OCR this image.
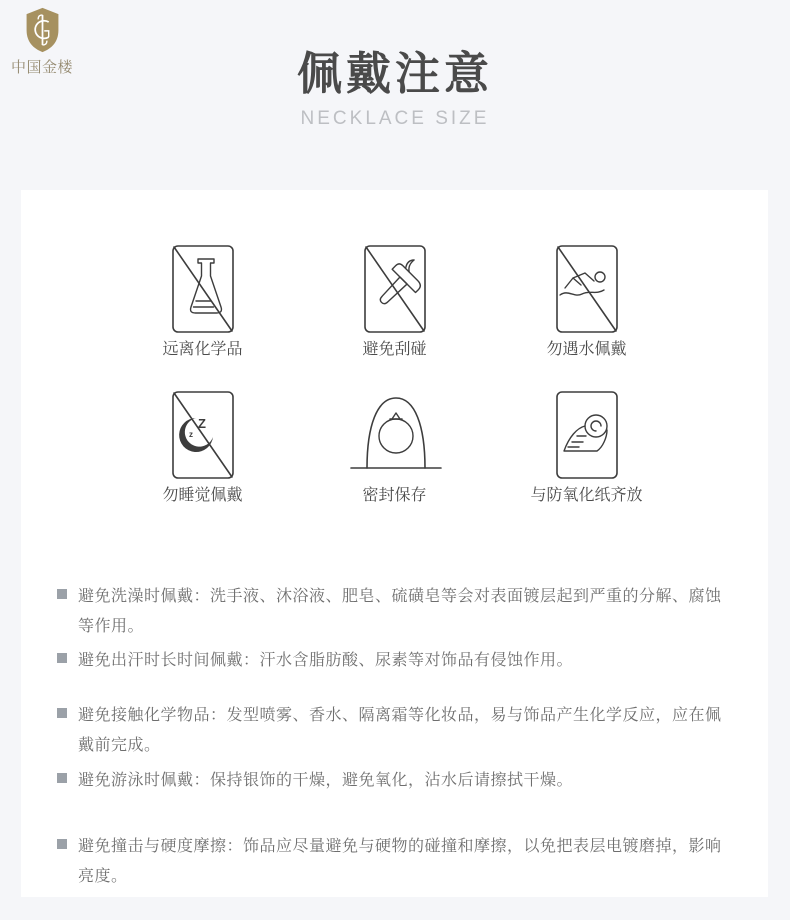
中国金楼	佩戴注意
NECKLACE SIZE
远离化学品	避免刮碰	勿遇水佩戴
Z
z
勿睡觉佩戴	密封保存	与防氧化纸齐放

避免洗澡时佩戴：洗手液、沐浴液、肥皂、硫磺皂等会对表面镀层起到严重的分解、腐蚀等作用。

避免出汗时长时间佩戴：汗水含脂肪酸、尿素等对饰品有侵蚀作用。

避免接触化学物品：发型喷雾、香水、隔离霜等化妆品，易与饰品产生化学反应，应在佩戴前完成。

避免游泳时佩戴：保持银饰的干燥，避免氧化，沾水后请擦拭干燥。

避免撞击与硬度摩擦：饰品应尽量避免与硬物的碰撞和摩擦，以免把表层电镀磨掉，影响亮度。
